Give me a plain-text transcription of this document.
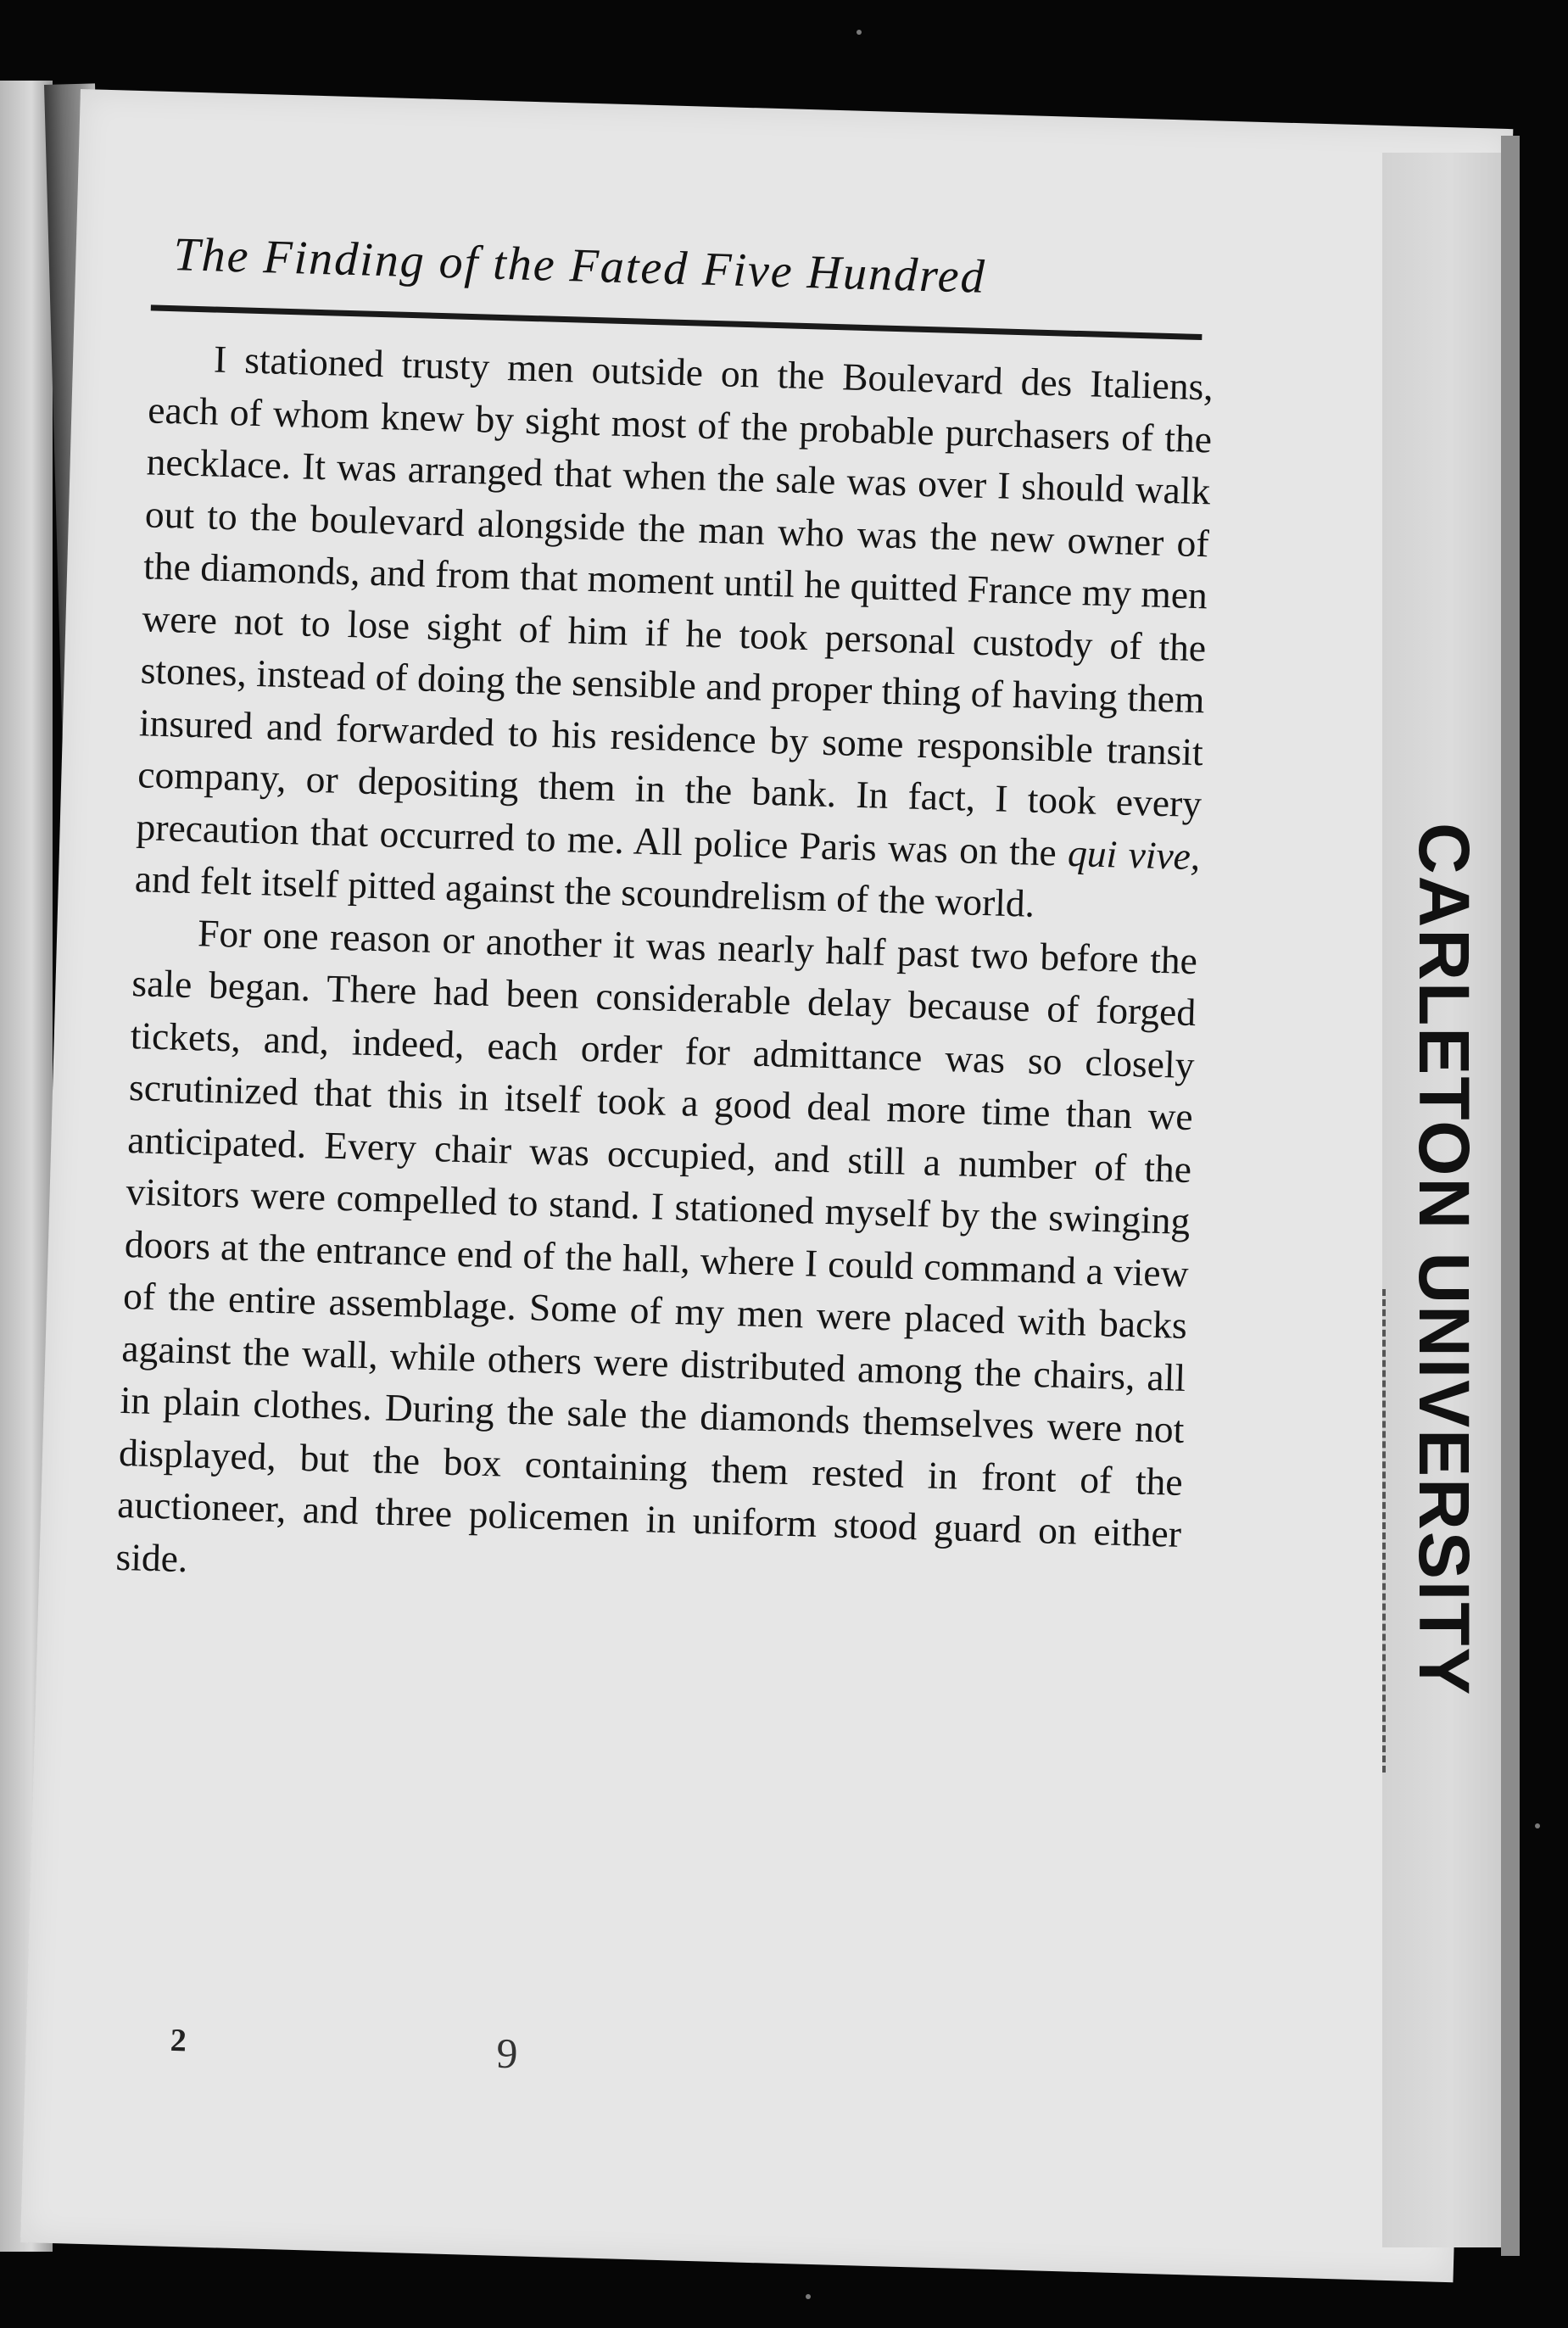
The Finding of the Fated Five Hundred

I stationed trusty men outside on the Boulevard des Italiens, each of whom knew by sight most of the probable purchasers of the necklace. It was arranged that when the sale was over I should walk out to the boulevard alongside the man who was the new owner of the diamonds, and from that moment until he quitted France my men were not to lose sight of him if he took personal custody of the stones, instead of doing the sensible and proper thing of having them insured and forwarded to his residence by some responsible transit company, or depositing them in the bank. In fact, I took every precaution that occurred to me. All police Paris was on the qui vive, and felt itself pitted against the scoundrelism of the world.

For one reason or another it was nearly half past two before the sale began. There had been considerable delay because of forged tickets, and, indeed, each order for admittance was so closely scrutinized that this in itself took a good deal more time than we anticipated. Every chair was occupied, and still a number of the visitors were compelled to stand. I stationed myself by the swinging doors at the entrance end of the hall, where I could command a view of the entire assemblage. Some of my men were placed with backs against the wall, while others were distributed among the chairs, all in plain clothes. During the sale the diamonds themselves were not displayed, but the box containing them rested in front of the auctioneer, and three policemen in uniform stood guard on either side.

2	9
CARLETON UNIVERSITY
